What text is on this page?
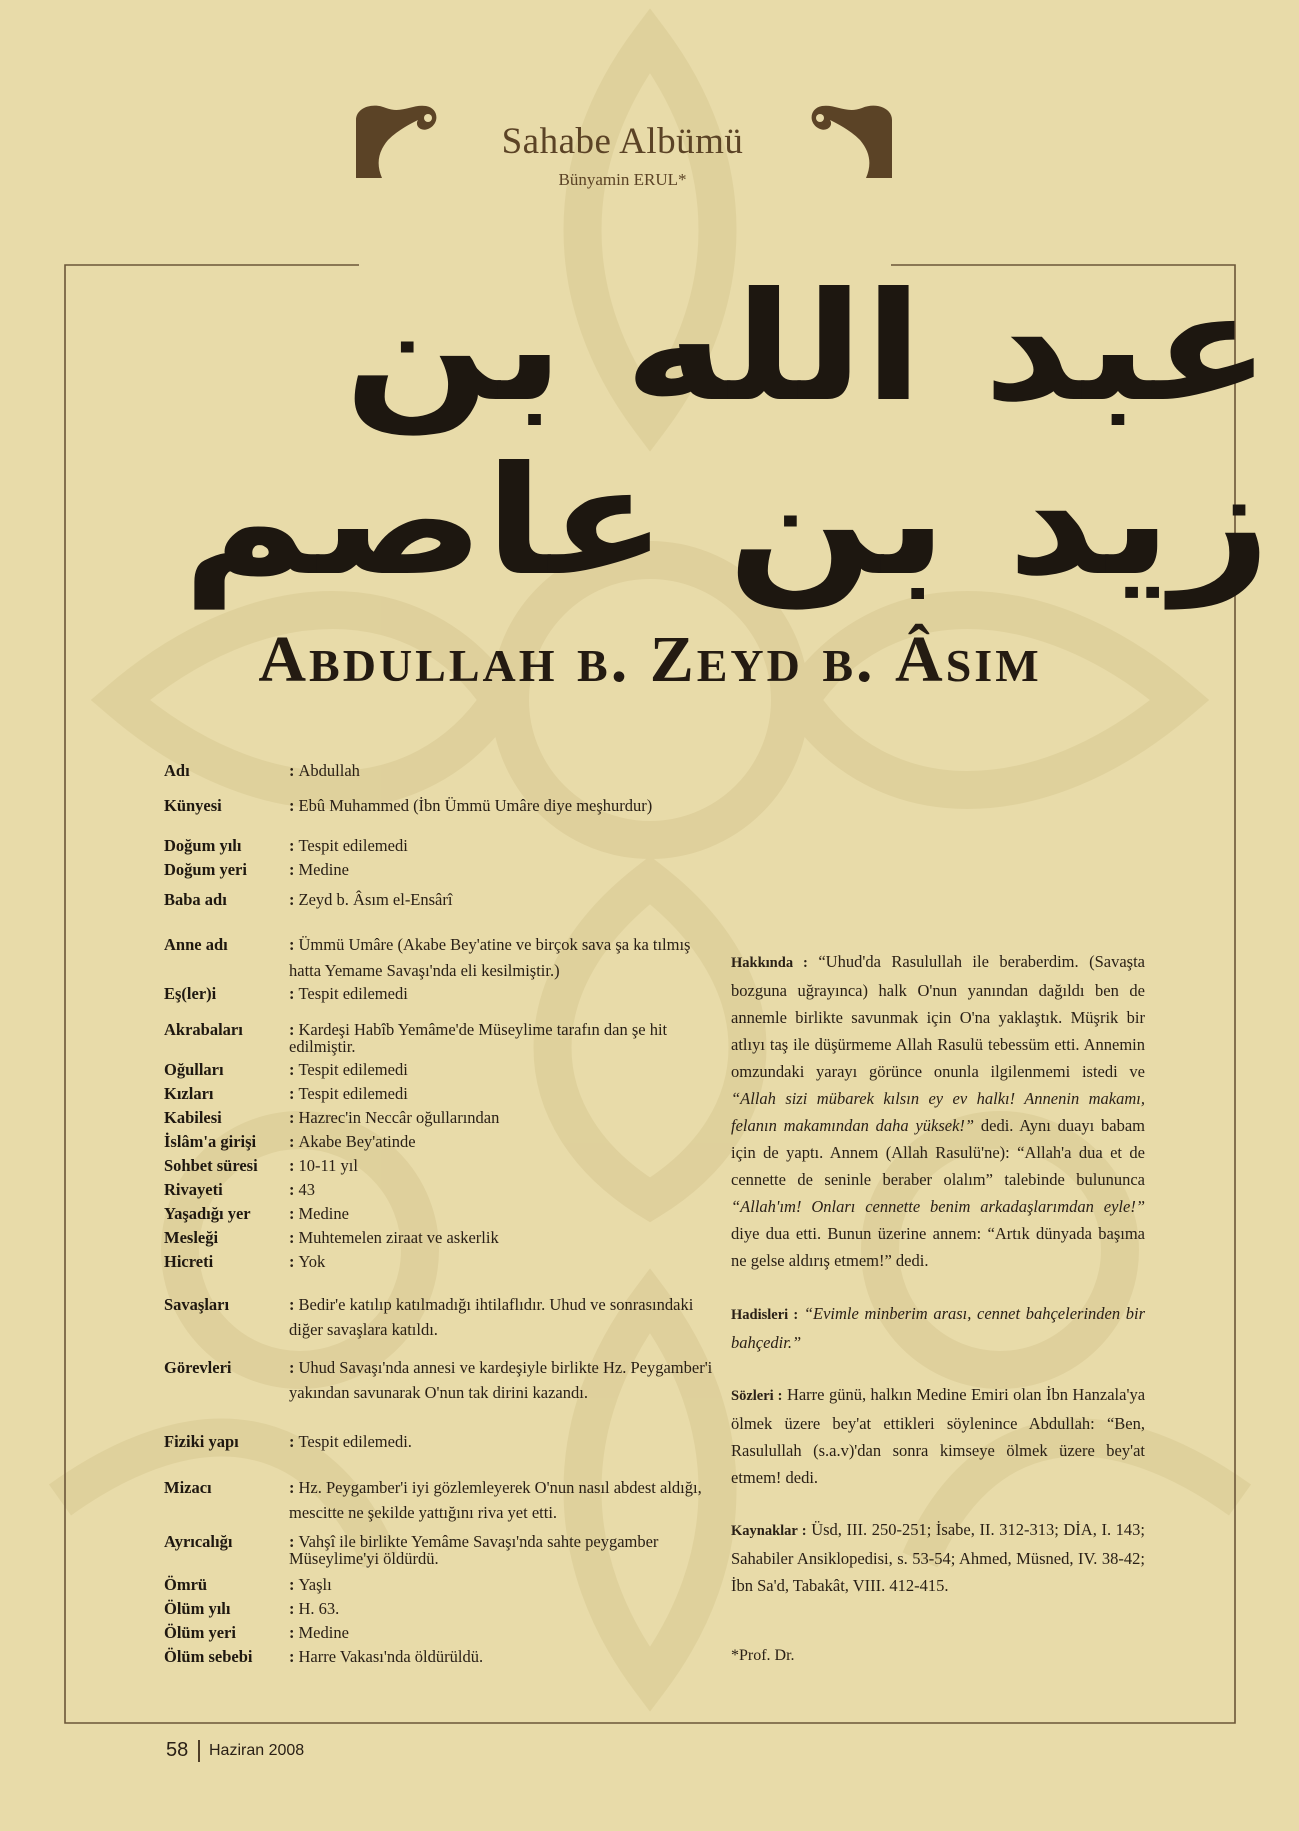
Sahabe Albümü
Bünyamin ERUL*
عبد الله بن زيد بن عاصم
Abdullah b. Zeyd b. Âsım
Adı	: Abdullah
Künyesi	: Ebû Muhammed (İbn Ümmü Umâre diye meşhurdur)
Doğum yılı	: Tespit edilemedi
Doğum yeri	: Medine
Baba adı	: Zeyd b. Âsım el-Ensârî
Anne adı	: Ümmü Umâre (Akabe Bey'atine ve birçok sava şa ka tılmış hatta Yemame Savaşı'nda eli kesilmiştir.)
Eş(ler)i	: Tespit edilemedi
Akrabaları	: Kardeşi Habîb Yemâme'de Müseylime tarafın dan şe hit edilmiştir.
Oğulları	: Tespit edilemedi
Kızları	: Tespit edilemedi
Kabilesi	: Hazrec'in Neccâr oğullarından
İslâm'a girişi	: Akabe Bey'atinde
Sohbet süresi	: 10-11 yıl
Rivayeti	: 43
Yaşadığı yer	: Medine
Mesleği	: Muhtemelen ziraat ve askerlik
Hicreti	: Yok
Savaşları	: Bedir'e katılıp katılmadığı ihtilaflıdır. Uhud ve sonrasındaki diğer savaşlara katıldı.
Görevleri	: Uhud Savaşı'nda annesi ve kardeşiyle birlikte Hz. Peygamber'i yakından savunarak O'nun tak dirini kazandı.
Fiziki yapı	: Tespit edilemedi.
Mizacı	: Hz. Peygamber'i iyi gözlemleyerek O'nun nasıl abdest aldığı, mescitte ne şekilde yattığını riva yet etti.
Ayrıcalığı	: Vahşî ile birlikte Yemâme Savaşı'nda sahte peygamber Müseylime'yi öldürdü.
Ömrü	: Yaşlı
Ölüm yılı	: H. 63.
Ölüm yeri	: Medine
Ölüm sebebi	: Harre Vakası'nda öldürüldü.
Hakkında : “Uhud'da Rasulullah ile beraberdim. (Savaşta bozguna uğrayınca) halk O'nun yanından dağıldı ben de annemle birlikte savunmak için O'na yaklaştık. Müşrik bir atlıyı taş ile düşürmeme Allah Rasulü tebessüm etti. Annemin omzundaki yarayı görünce onunla ilgilenmemi istedi ve “Allah sizi mübarek kılsın ey ev halkı! Annenin makamı, felanın makamından daha yüksek!” dedi. Aynı duayı babam için de yaptı. Annem (Allah Rasulü'ne): “Allah'a dua et de cennette de seninle beraber olalım” talebinde bulununca “Allah'ım! Onları cennette benim arkadaşlarımdan eyle!” diye dua etti. Bunun üzerine annem: “Artık dünyada başıma ne gelse aldırış etmem!” dedi.
Hadisleri : “Evimle minberim arası, cennet bahçelerinden bir bahçedir.”
Sözleri : Harre günü, halkın Medine Emiri olan İbn Hanzala'ya ölmek üzere bey'at ettikleri söylenince Abdullah: “Ben, Rasulullah (s.a.v)'dan sonra kimseye ölmek üzere bey'at etmem! dedi.
Kaynaklar : Üsd, III. 250-251; İsabe, II. 312-313; DİA, I. 143; Sahabiler Ansiklopedisi, s. 53-54; Ahmed, Müsned, IV. 38-42; İbn Sa'd, Tabakât, VIII. 412-415.
*Prof. Dr.
58 Haziran 2008
